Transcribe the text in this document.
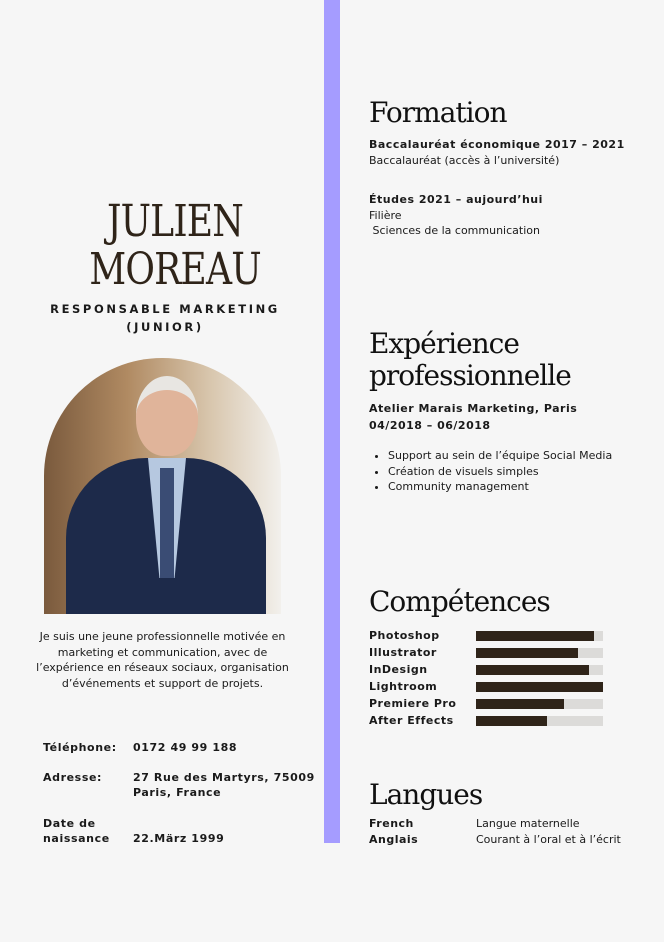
JULIEN
MOREAU
RESPONSABLE MARKETING
(JUNIOR)

Je suis une jeune professionnelle motivée en marketing et communication, avec de l’expérience en réseaux sociaux, organisation d’événements et support de projets.

Téléphone: 0172 49 99 188
Adresse:	27 Rue des Martyrs, 75009 Paris, France
Date de naissance 22.März 1999
Formation
Baccalauréat économique 2017 – 2021
Baccalauréat (accès à l’université)
Études 2021 – aujourd’hui
Filière
Sciences de la communication
Expérience
professionnelle
Atelier Marais Marketing, Paris
04/2018 – 06/2018
• Support au sein de l’équipe Social Media
• Création de visuels simples
• Community management
Compétences
Photoshop
Illustrator
InDesign
Lightroom
Premiere Pro
After Effects
Langues
French	Langue maternelle
Anglais	Courant à l’oral et à l’écrit
